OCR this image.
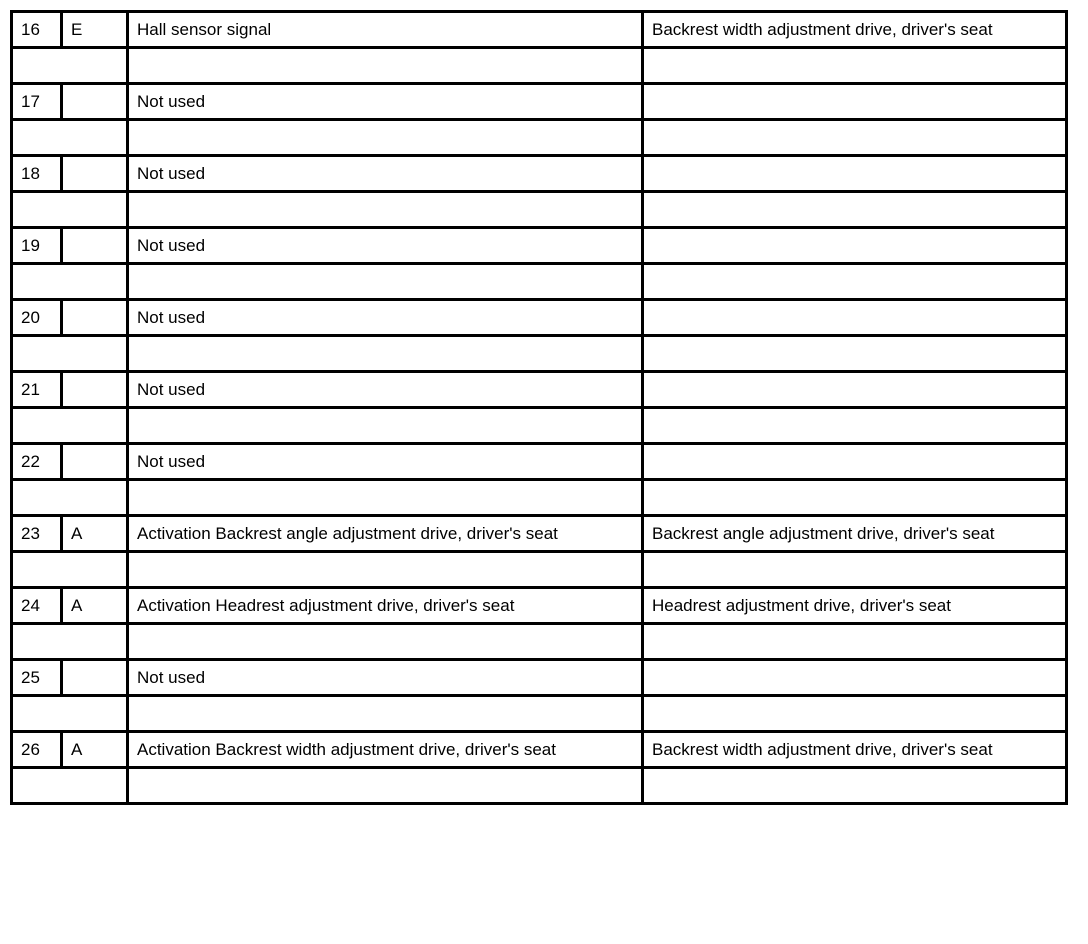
16	E	Hall sensor signal	Backrest width adjustment drive, driver's seat

17		Not used	

18		Not used	

19		Not used	

20		Not used	

21		Not used	

22		Not used	

23	A	Activation Backrest angle adjustment drive, driver's seat	Backrest angle adjustment drive, driver's seat

24	A	Activation Headrest adjustment drive, driver's seat	Headrest adjustment drive, driver's seat

25		Not used	

26	A	Activation Backrest width adjustment drive, driver's seat	Backrest width adjustment drive, driver's seat
